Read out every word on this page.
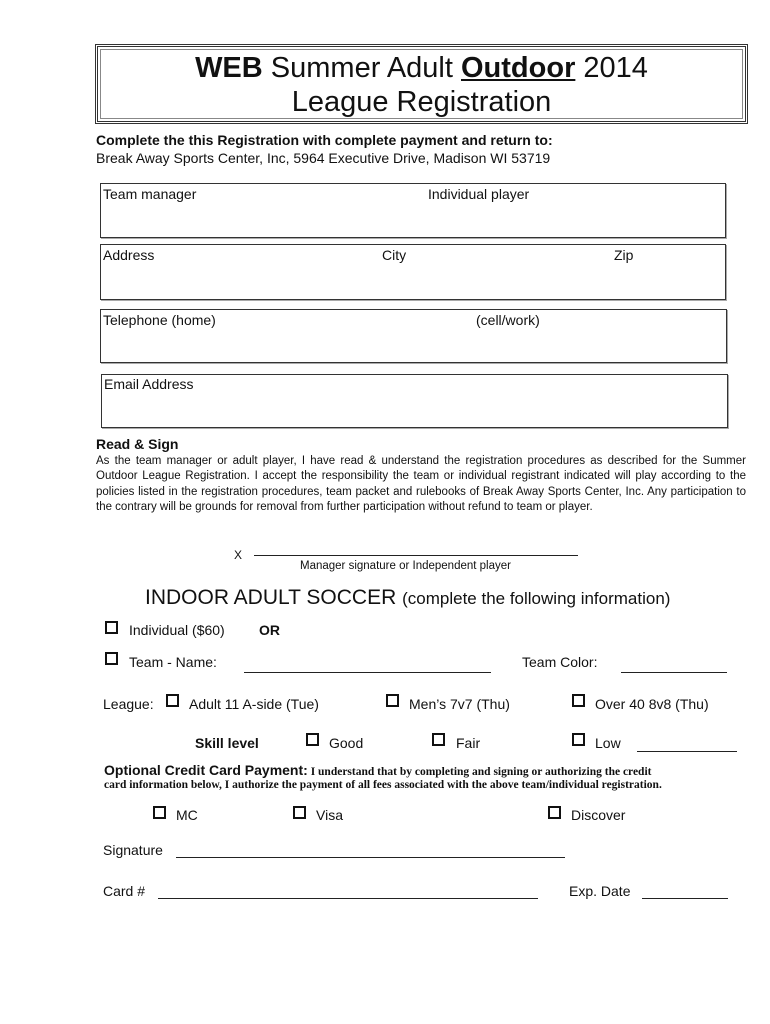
WEB Summer Adult Outdoor 2014
League Registration
Complete the this Registration with complete payment and return to:
Break Away Sports Center, Inc, 5964 Executive Drive, Madison WI 53719
Team manager	Individual player
Address	City	Zip
Telephone (home)	(cell/work)
Email Address
Read & Sign
As the team manager or adult player, I have read & understand the registration procedures as described for the Summer Outdoor League Registration. I accept the responsibility the team or individual registrant indicated will play according to the policies listed in the registration procedures, team packet and rulebooks of Break Away Sports Center, Inc. Any participation to the contrary will be grounds for removal from further participation without refund to team or player.
X
Manager signature or Independent player
INDOOR ADULT SOCCER (complete the following information)
Individual ($60) OR
Team - Name:	Team Color:
League:	Adult 11 A-side (Tue)	Men’s 7v7 (Thu)	Over 40 8v8 (Thu)
Skill level	Good	Fair	Low
Optional Credit Card Payment: I understand that by completing and signing or authorizing the credit
card information below, I authorize the payment of all fees associated with the above team/individual registration.
MC	Visa	Discover
Signature
Card #	Exp. Date
